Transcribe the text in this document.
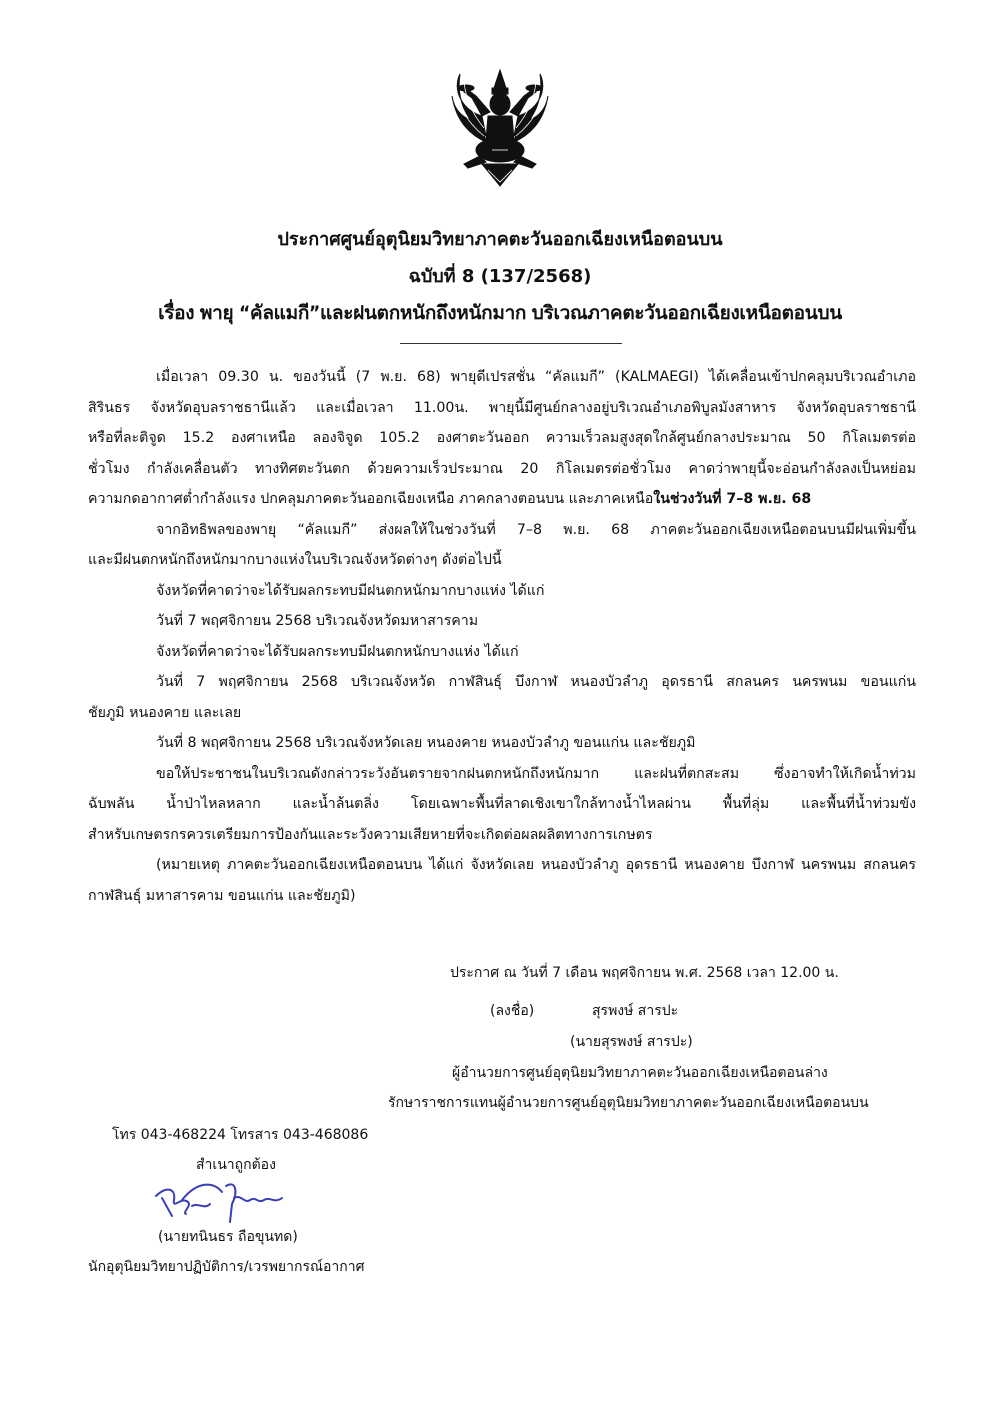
ประกาศศูนย์อุตุนิยมวิทยาภาคตะวันออกเฉียงเหนือตอนบน
ฉบับที่ 8 (137/2568)
เรื่อง พายุ “คัลแมกี”และฝนตกหนักถึงหนักมาก บริเวณภาคตะวันออกเฉียงเหนือตอนบน
เมื่อเวลา 09.30 น. ของวันนี้ (7 พ.ย. 68) พายุดีเปรสชั่น “คัลแมกี” (KALMAEGI) ได้เคลื่อนเข้าปกคลุมบริเวณอำเภอ
สิรินธร จังหวัดอุบลราชธานีแล้ว และเมื่อเวลา 11.00น. พายุนี้มีศูนย์กลางอยู่บริเวณอำเภอพิบูลมังสาหาร จังหวัดอุบลราชธานี
หรือที่ละติจูด 15.2 องศาเหนือ ลองจิจูด 105.2 องศาตะวันออก ความเร็วลมสูงสุดใกล้ศูนย์กลางประมาณ 50 กิโลเมตรต่อ
ชั่วโมง กำลังเคลื่อนตัว ทางทิศตะวันตก ด้วยความเร็วประมาณ 20 กิโลเมตรต่อชั่วโมง คาดว่าพายุนี้จะอ่อนกำลังลงเป็นหย่อม
ความกดอากาศต่ำกำลังแรง ปกคลุมภาคตะวันออกเฉียงเหนือ ภาคกลางตอนบน และภาคเหนือในช่วงวันที่ 7–8 พ.ย. 68
จากอิทธิพลของพายุ “คัลแมกี” ส่งผลให้ในช่วงวันที่ 7–8 พ.ย. 68 ภาคตะวันออกเฉียงเหนือตอนบนมีฝนเพิ่มขึ้น
และมีฝนตกหนักถึงหนักมากบางแห่งในบริเวณจังหวัดต่างๆ ดังต่อไปนี้
จังหวัดที่คาดว่าจะได้รับผลกระทบมีฝนตกหนักมากบางแห่ง ได้แก่
วันที่ 7 พฤศจิกายน 2568 บริเวณจังหวัดมหาสารคาม
จังหวัดที่คาดว่าจะได้รับผลกระทบมีฝนตกหนักบางแห่ง ได้แก่
วันที่ 7 พฤศจิกายน 2568 บริเวณจังหวัด กาฬสินธุ์ บึงกาฬ หนองบัวลำภู อุดรธานี สกลนคร นครพนม ขอนแก่น
ชัยภูมิ หนองคาย และเลย
วันที่ 8 พฤศจิกายน 2568 บริเวณจังหวัดเลย หนองคาย หนองบัวลำภู ขอนแก่น และชัยภูมิ
ขอให้ประชาชนในบริเวณดังกล่าวระวังอันตรายจากฝนตกหนักถึงหนักมาก และฝนที่ตกสะสม ซึ่งอาจทำให้เกิดน้ำท่วม
ฉับพลัน น้ำป่าไหลหลาก และน้ำล้นตลิ่ง โดยเฉพาะพื้นที่ลาดเชิงเขาใกล้ทางน้ำไหลผ่าน พื้นที่ลุ่ม และพื้นที่น้ำท่วมขัง
สำหรับเกษตรกรควรเตรียมการป้องกันและระวังความเสียหายที่จะเกิดต่อผลผลิตทางการเกษตร
(หมายเหตุ ภาคตะวันออกเฉียงเหนือตอนบน ได้แก่ จังหวัดเลย หนองบัวลำภู อุดรธานี หนองคาย บึงกาฬ นครพนม สกลนคร
กาฬสินธุ์ มหาสารคาม ขอนแก่น และชัยภูมิ)
ประกาศ ณ วันที่ 7 เดือน พฤศจิกายน พ.ศ. 2568 เวลา 12.00 น.
(ลงชื่อ)	สุรพงษ์ สารปะ
(นายสุรพงษ์ สารปะ)
ผู้อำนวยการศูนย์อุตุนิยมวิทยาภาคตะวันออกเฉียงเหนือตอนล่าง
รักษาราชการแทนผู้อำนวยการศูนย์อุตุนิยมวิทยาภาคตะวันออกเฉียงเหนือตอนบน
โทร 043-468224 โทรสาร 043-468086
สำเนาถูกต้อง
(นายทนินธร ถือขุนทด)
นักอุตุนิยมวิทยาปฏิบัติการ/เวรพยากรณ์อากาศ
